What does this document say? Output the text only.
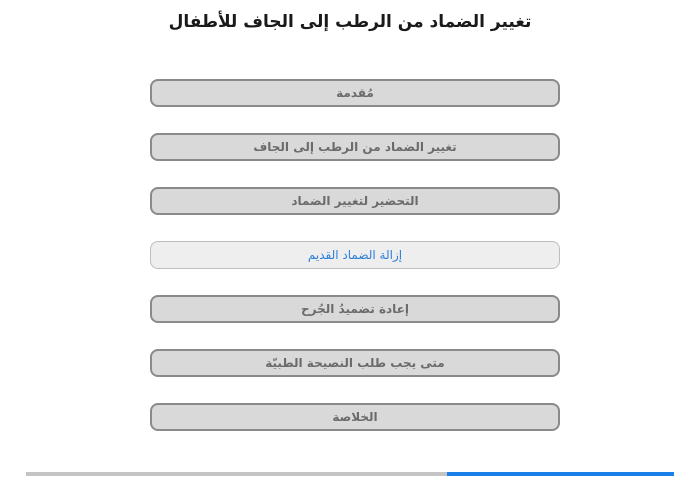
تغيير الضماد من الرطب إلى الجاف للأطفال
مُقدمة
تغيير الضماد من الرطب إلى الجاف
التحضير لتغيير الضماد
إزالة الضماد القديم
إعادة تضميدُ الجُرح
متى يجب طلب النصيحة الطبيّة
الخلاصة
